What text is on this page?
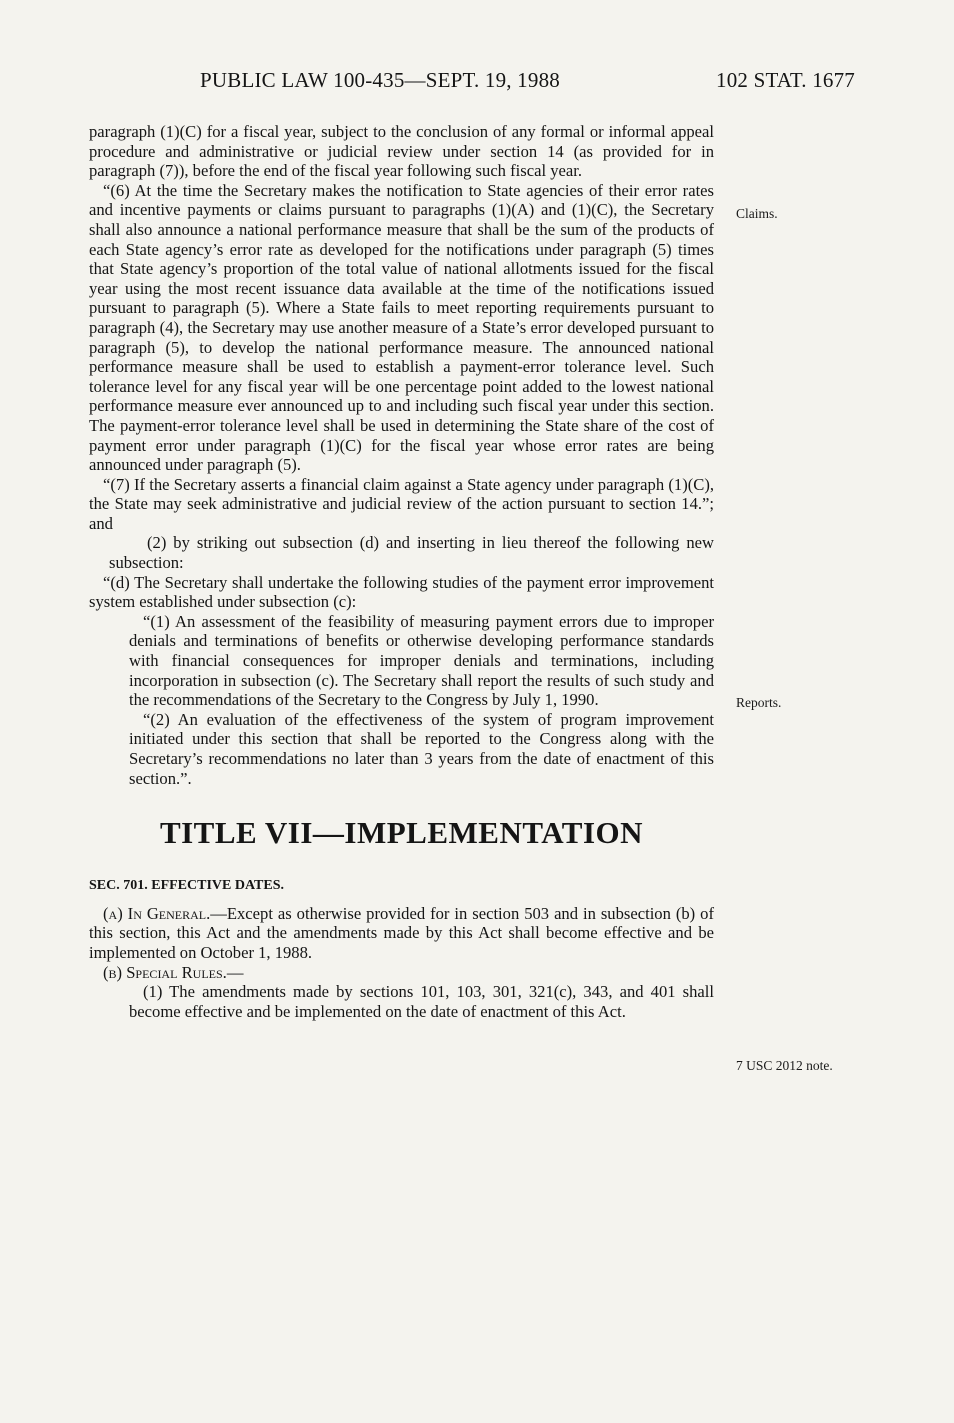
PUBLIC LAW 100-435—SEPT. 19, 1988	102 STAT. 1677
Claims.
Reports.
7 USC 2012 note.

paragraph (1)(C) for a fiscal year, subject to the conclusion of any formal or informal appeal procedure and administrative or judicial review under section 14 (as provided for in paragraph (7)), before the end of the fiscal year following such fiscal year.

“(6) At the time the Secretary makes the notification to State agencies of their error rates and incentive payments or claims pursuant to paragraphs (1)(A) and (1)(C), the Secretary shall also announce a national performance measure that shall be the sum of the products of each State agency’s error rate as developed for the notifications under paragraph (5) times that State agency’s proportion of the total value of national allotments issued for the fiscal year using the most recent issuance data available at the time of the notifications issued pursuant to paragraph (5). Where a State fails to meet reporting requirements pursuant to paragraph (4), the Secretary may use another measure of a State’s error developed pursuant to paragraph (5), to develop the national performance measure. The announced national performance measure shall be used to establish a payment-error tolerance level. Such tolerance level for any fiscal year will be one percentage point added to the lowest national performance measure ever announced up to and including such fiscal year under this section. The payment-error tolerance level shall be used in determining the State share of the cost of payment error under paragraph (1)(C) for the fiscal year whose error rates are being announced under paragraph (5).

“(7) If the Secretary asserts a financial claim against a State agency under paragraph (1)(C), the State may seek administrative and judicial review of the action pursuant to section 14.”; and

(2) by striking out subsection (d) and inserting in lieu thereof the following new subsection:

“(d) The Secretary shall undertake the following studies of the payment error improvement system established under subsection (c):

“(1) An assessment of the feasibility of measuring payment errors due to improper denials and terminations of benefits or otherwise developing performance standards with financial consequences for improper denials and terminations, including incorporation in subsection (c). The Secretary shall report the results of such study and the recommendations of the Secretary to the Congress by July 1, 1990.

“(2) An evaluation of the effectiveness of the system of program improvement initiated under this section that shall be reported to the Congress along with the Secretary’s recommendations no later than 3 years from the date of enactment of this section.”.

TITLE VII—IMPLEMENTATION

SEC. 701. EFFECTIVE DATES.

(a) In General.—Except as otherwise provided for in section 503 and in subsection (b) of this section, this Act and the amendments made by this Act shall become effective and be implemented on October 1, 1988.

(b) Special Rules.—

(1) The amendments made by sections 101, 103, 301, 321(c), 343, and 401 shall become effective and be implemented on the date of enactment of this Act.
